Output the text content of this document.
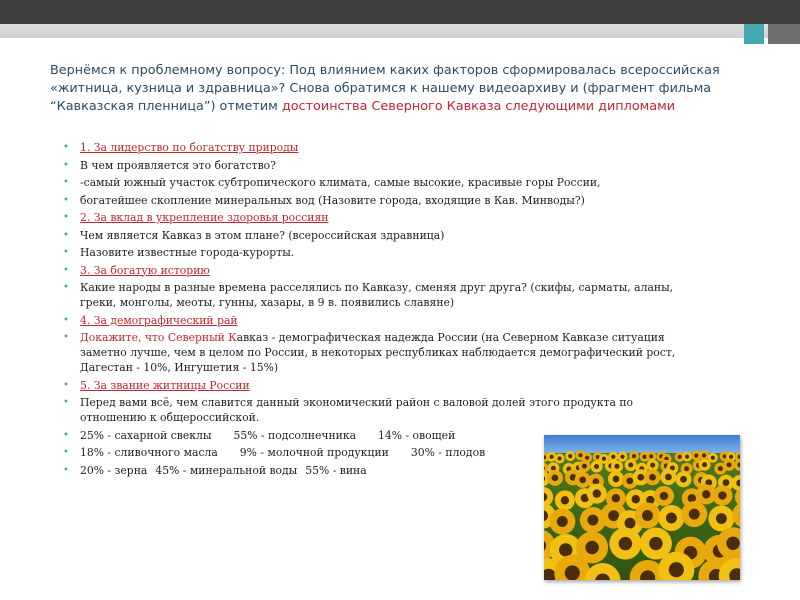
Вернёмся к проблемному вопросу: Под влиянием каких факторов сформировалась всероссийская «житница, кузница и здравница»? Снова обратимся к нашему видеоархиву и (фрагмент фильма “Кавказская пленница”) отметим достоинства Северного Кавказа следующими дипломами
• 1. За лидерство по богатству природы
• В чем проявляется это богатство?
• -самый южный участок субтропического климата, самые высокие, красивые горы России,
• богатейшее скопление минеральных вод (Назовите города, входящие в Кав. Минводы?)
• 2. За вклад в укрепление здоровья россиян
• Чем является Кавказ в этом плане? (всероссийская здравница)
• Назовите известные города-курорты.
• 3. За богатую историю
• Какие народы в разные времена расселялись по Кавказу, сменяя друг друга? (скифы, сарматы, аланы, греки, монголы, меоты, гунны, хазары, в 9 в. появились славяне)
• 4. За демографический рай
• Докажите, что Северный Кавказ - демографическая надежда России (на Северном Кавказе ситуация заметно лучше, чем в целом по России, в некоторых республиках наблюдается демографический рост, Дагестан - 10%, Ингушетия - 15%)
• 5. За звание житницы России
• Перед вами всё, чем славится данный экономический район с валовой долей этого продукта по отношению к общероссийской.
• 25% - сахарной свеклы 55% - подсолнечника 14% - овощей
• 18% - сливочного масла 9% - молочной продукции 30% - плодов
• 20% - зерна 45% - минеральной воды 55% - вина
